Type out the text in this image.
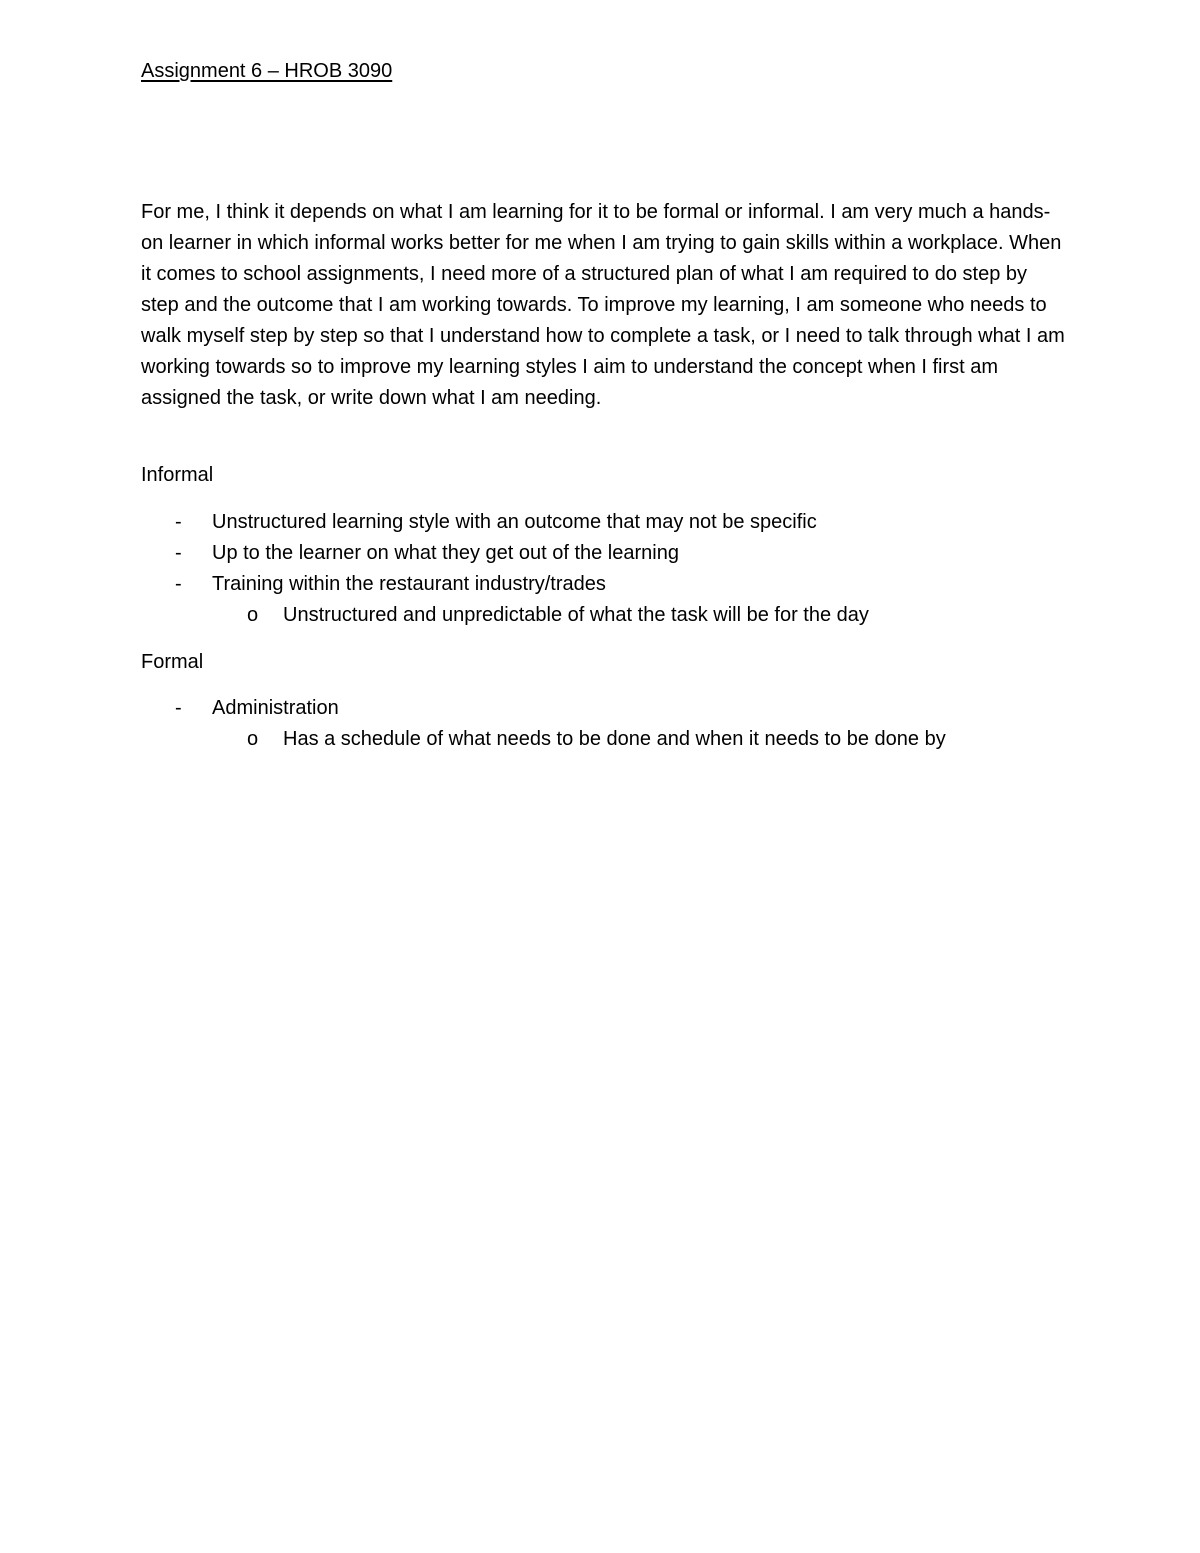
Assignment 6 – HROB 3090

For me, I think it depends on what I am learning for it to be formal or informal. I am very much a hands-on learner in which informal works better for me when I am trying to gain skills within a workplace. When it comes to school assignments, I need more of a structured plan of what I am required to do step by step and the outcome that I am working towards. To improve my learning, I am someone who needs to walk myself step by step so that I understand how to complete a task, or I need to talk through what I am working towards so to improve my learning styles I aim to understand the concept when I first am assigned the task, or write down what I am needing.

Informal

- Unstructured learning style with an outcome that may not be specific
- Up to the learner on what they get out of the learning
- Training within the restaurant industry/trades
o Unstructured and unpredictable of what the task will be for the day

Formal

- Administration
o Has a schedule of what needs to be done and when it needs to be done by
